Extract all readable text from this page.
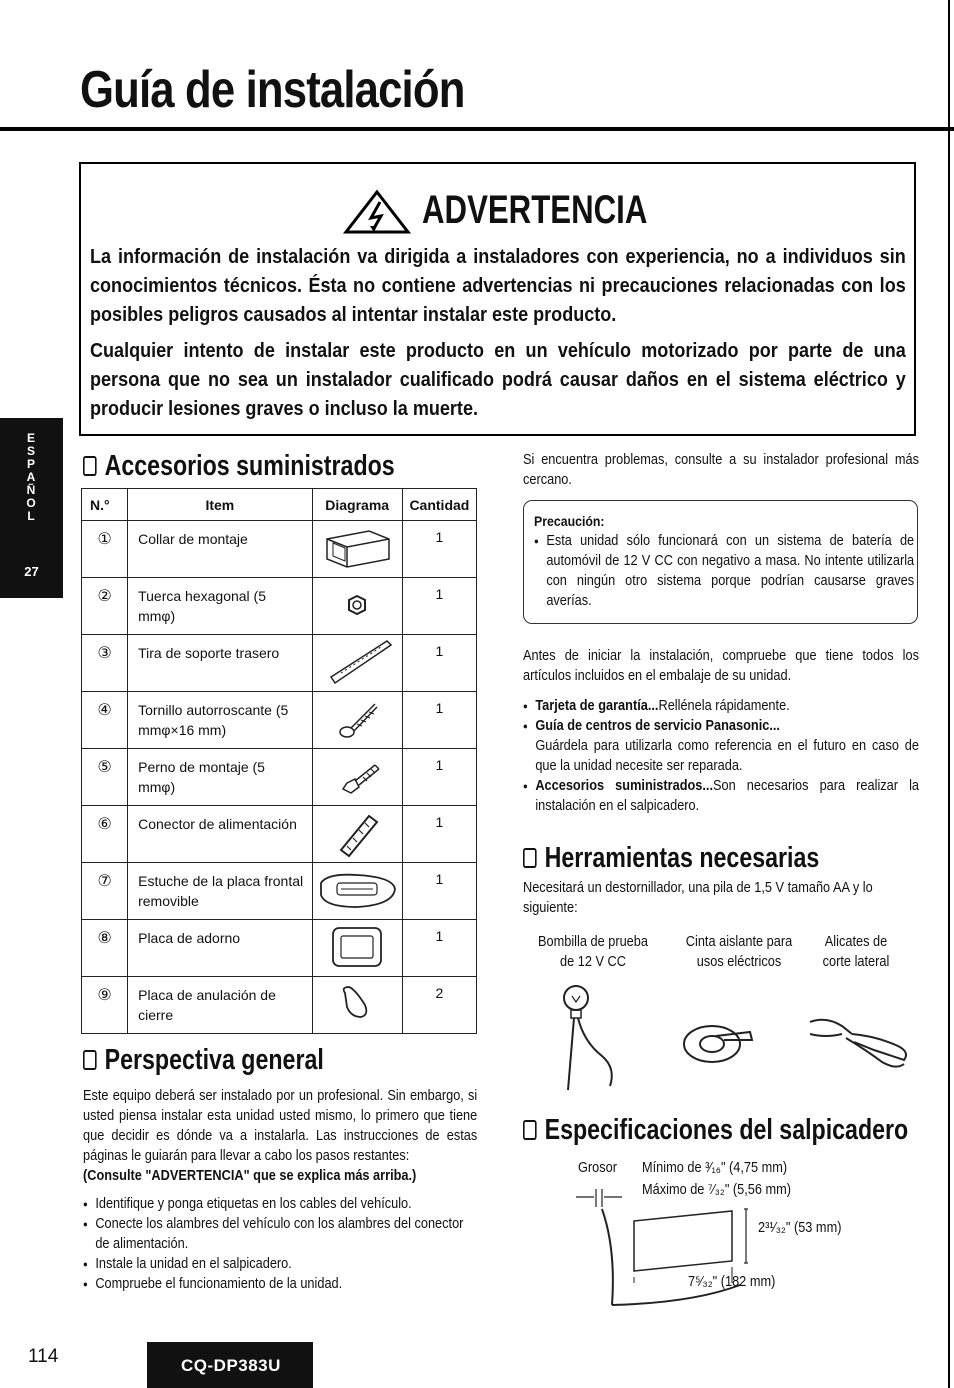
Guía de instalación
E S P A Ñ O L
27
ADVERTENCIA
La información de instalación va dirigida a instaladores con experiencia, no a individuos sin conocimientos técnicos. Ésta no contiene advertencias ni precauciones relacionadas con los posibles peligros causados al intentar instalar este producto.
Cualquier intento de instalar este producto en un vehículo motorizado por parte de una persona que no sea un instalador cualificado podrá causar daños en el sistema eléctrico y producir lesiones graves o incluso la muerte.
Accesorios suministrados
N.°	Item	Diagrama	Cantidad
①	Collar de montaje		1
②	Tuerca hexagonal (5 mmφ)		1
③	Tira de soporte trasero		1
④	Tornillo autorroscante (5 mmφ×16 mm)		1
⑤	Perno de montaje (5 mmφ)		1
⑥	Conector de alimentación		1
⑦	Estuche de la placa frontal removible		1
⑧	Placa de adorno		1
⑨	Placa de anulación de cierre		2
Perspectiva general

Este equipo deberá ser instalado por un profesional. Sin embargo, si usted piensa instalar esta unidad usted mismo, lo primero que tiene que decidir es dónde va a instalarla. Las instrucciones de estas páginas le guiarán para llevar a cabo los pasos restantes:

(Consulte "ADVERTENCIA" que se explica más arriba.)

● Identifique y ponga etiquetas en los cables del vehículo.
● Conecte los alambres del vehículo con los alambres del conector de alimentación.
● Instale la unidad en el salpicadero.
● Compruebe el funcionamiento de la unidad.
Si encuentra problemas, consulte a su instalador profesional más cercano.
Precaución:
● Esta unidad sólo funcionará con un sistema de batería de automóvil de 12 V CC con negativo a masa. No intente utilizarla con ningún otro sistema porque podrían causarse graves averías.
Antes de iniciar la instalación, compruebe que tiene todos los artículos incluidos en el embalaje de su unidad.
● Tarjeta de garantía...Rellénela rápidamente.
● Guía de centros de servicio Panasonic...
Guárdela para utilizarla como referencia en el futuro en caso de que la unidad necesite ser reparada.
● Accesorios suministrados...Son necesarios para realizar la instalación en el salpicadero.
Herramientas necesarias
Necesitará un destornillador, una pila de 1,5 V tamaño AA y lo siguiente:
Bombilla de prueba
de 12 V CC
Cinta aislante para
usos eléctricos
Alicates de
corte lateral
Especificaciones del salpicadero
Grosor Mínimo de ³⁄₁₆" (4,75 mm)
Máximo de ⁷⁄₃₂" (5,56 mm)
2³¹⁄₃₂" (53 mm)
7⁵⁄₃₂" (182 mm)
114	CQ-DP383U
